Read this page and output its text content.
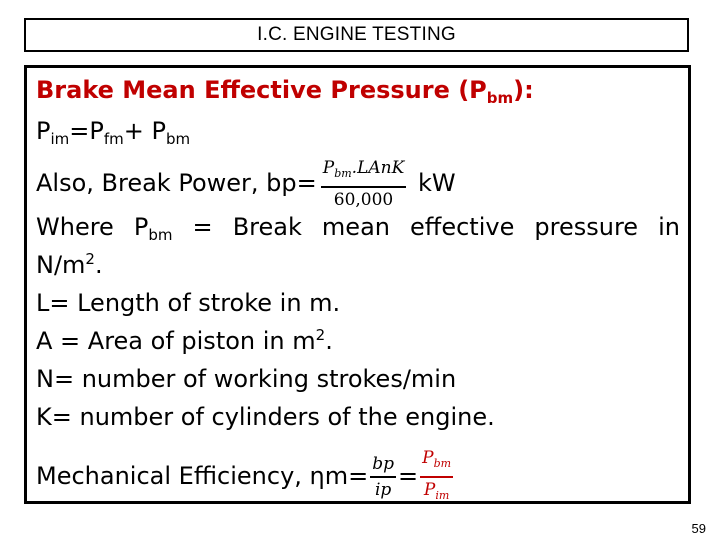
I.C. ENGINE TESTING
Brake Mean Effective Pressure $(P_{bm})$:
$P_{im}=P_{fm}+ P_{bm}$
Also, Break Power, $bp= \frac{P_{bm}.LAnK}{60,000}$ kW
Where $P_{bm}$ = Break mean effective pressure in
$N/m^2$.
L= Length of stroke in m.
A = Area of piston in $m^2$.
N= number of working strokes/min
K= number of cylinders of the engine.
Mechanical Efficiency, $\eta m= \frac{bp}{ip} = \frac{P_{bm}}{P_{im}}$
59
